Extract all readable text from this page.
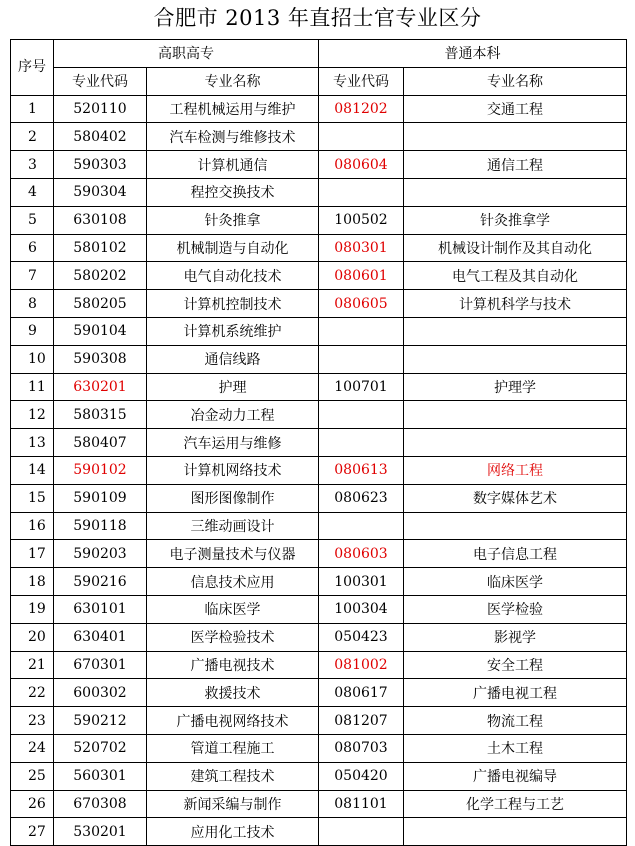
合肥市 2013 年直招士官专业区分
序号	高职高专		普通本科	
	专业代码	专业名称	专业代码	专业名称
1	520110	工程机械运用与维护	081202	交通工程
2	580402	汽车检测与维修技术		
3	590303	计算机通信	080604	通信工程
4	590304	程控交换技术		
5	630108	针灸推拿	100502	针灸推拿学
6	580102	机械制造与自动化	080301	机械设计制作及其自动化
7	580202	电气自动化技术	080601	电气工程及其自动化
8	580205	计算机控制技术	080605	计算机科学与技术
9	590104	计算机系统维护		
10	590308	通信线路		
11	630201	护理	100701	护理学
12	580315	冶金动力工程		
13	580407	汽车运用与维修		
14	590102	计算机网络技术	080613	网络工程
15	590109	图形图像制作	080623	数字媒体艺术
16	590118	三维动画设计		
17	590203	电子测量技术与仪器	080603	电子信息工程
18	590216	信息技术应用	100301	临床医学
19	630101	临床医学	100304	医学检验
20	630401	医学检验技术	050423	影视学
21	670301	广播电视技术	081002	安全工程
22	600302	救援技术	080617	广播电视工程
23	590212	广播电视网络技术	081207	物流工程
24	520702	管道工程施工	080703	土木工程
25	560301	建筑工程技术	050420	广播电视编导
26	670308	新闻采编与制作	081101	化学工程与工艺
27	530201	应用化工技术		
